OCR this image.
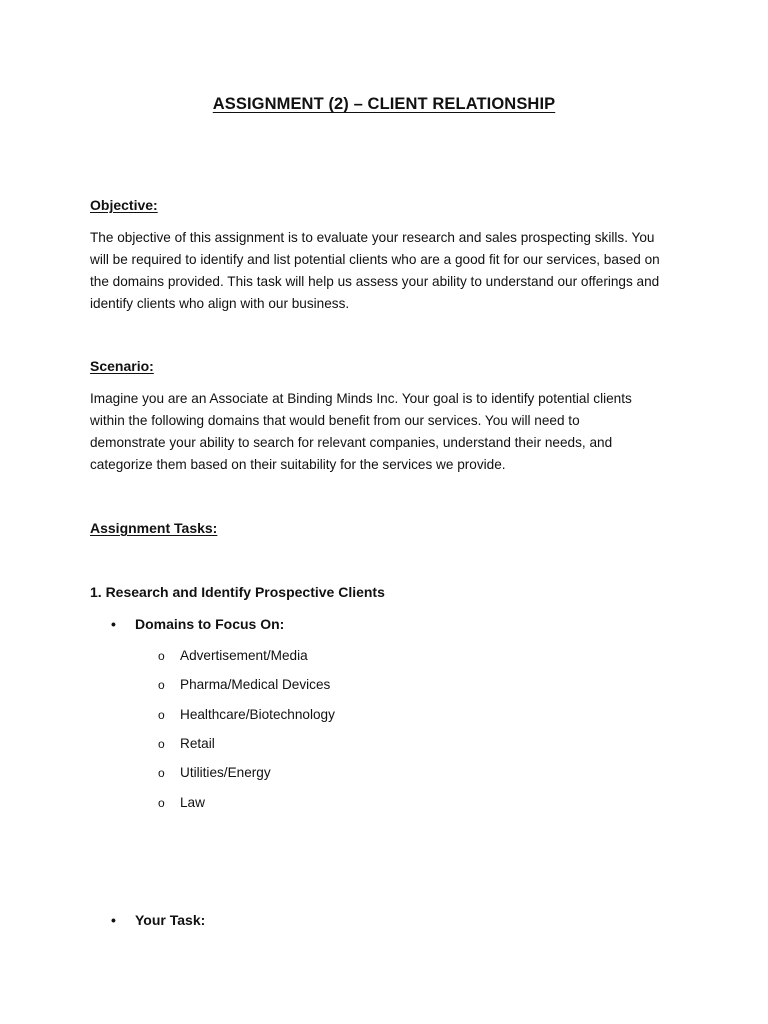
ASSIGNMENT (2) – CLIENT RELATIONSHIP
Objective:

The objective of this assignment is to evaluate your research and sales prospecting skills. You
will be required to identify and list potential clients who are a good fit for our services, based on
the domains provided. This task will help us assess your ability to understand our offerings and
identify clients who align with our business.

Scenario:

Imagine you are an Associate at Binding Minds Inc. Your goal is to identify potential clients
within the following domains that would benefit from our services. You will need to
demonstrate your ability to search for relevant companies, understand their needs, and
categorize them based on their suitability for the services we provide.

Assignment Tasks:
1. Research and Identify Prospective Clients
•	Domains to Focus On:
o Advertisement/Media
o Pharma/Medical Devices
o Healthcare/Biotechnology
o Retail
o Utilities/Energy
o Law
•	Your Task:
